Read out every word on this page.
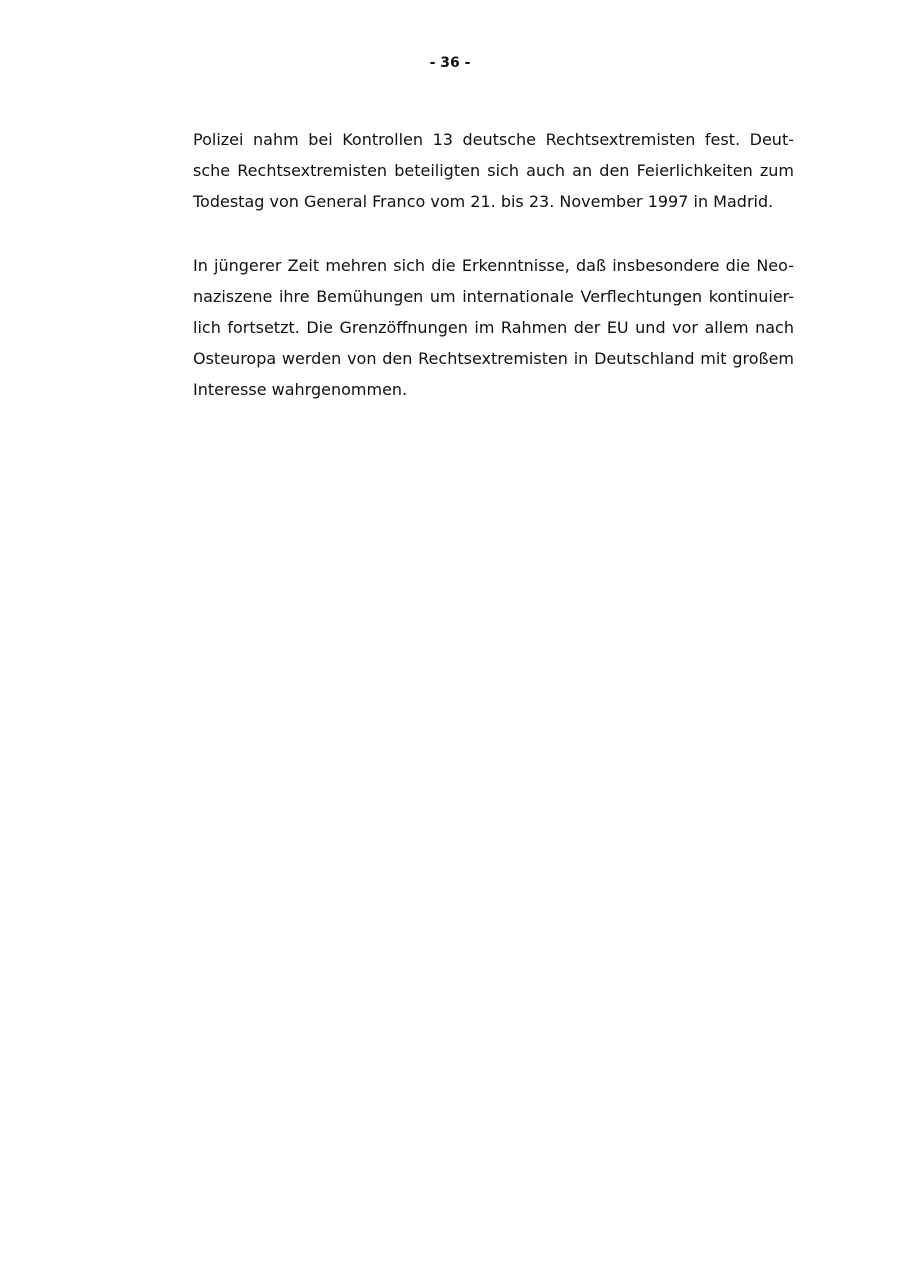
- 36 -
Polizei nahm bei Kontrollen 13 deutsche Rechtsextremisten fest. Deut-
sche Rechtsextremisten beteiligten sich auch an den Feierlichkeiten zum
Todestag von General Franco vom 21. bis 23. November 1997 in Madrid.
In jüngerer Zeit mehren sich die Erkenntnisse, daß insbesondere die Neo-
naziszene ihre Bemühungen um internationale Verflechtungen kontinuier-
lich fortsetzt. Die Grenzöffnungen im Rahmen der EU und vor allem nach
Osteuropa werden von den Rechtsextremisten in Deutschland mit großem
Interesse wahrgenommen.
